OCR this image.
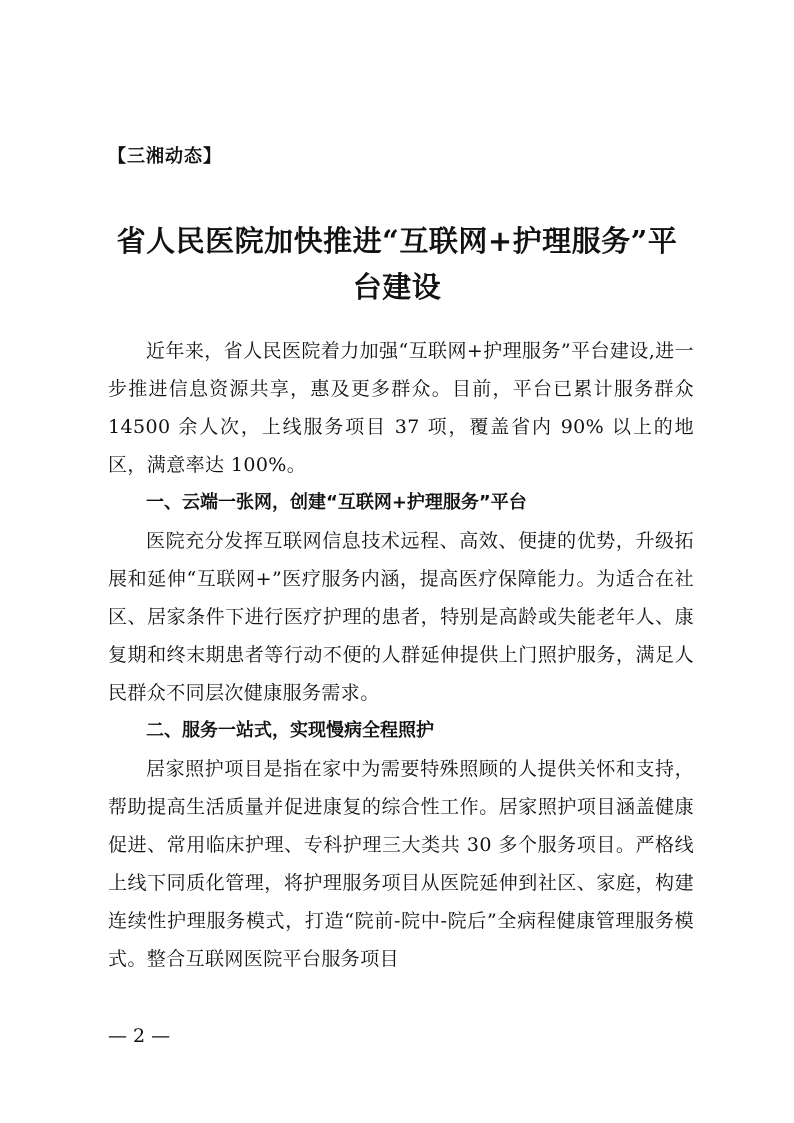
【三湘动态】
省人民医院加快推进“互联网+护理服务”平台建设

近年来，省人民医院着力加强“互联网+护理服务”平台建设,进一步推进信息资源共享，惠及更多群众。目前，平台已累计服务群众 14500 余人次，上线服务项目 37 项，覆盖省内 90% 以上的地区，满意率达 100%。

一、云端一张网，创建“互联网+护理服务”平台

医院充分发挥互联网信息技术远程、高效、便捷的优势，升级拓展和延伸“互联网+”医疗服务内涵，提高医疗保障能力。为适合在社区、居家条件下进行医疗护理的患者，特别是高龄或失能老年人、康复期和终末期患者等行动不便的人群延伸提供上门照护服务，满足人民群众不同层次健康服务需求。

二、服务一站式，实现慢病全程照护

居家照护项目是指在家中为需要特殊照顾的人提供关怀和支持，帮助提高生活质量并促进康复的综合性工作。居家照护项目涵盖健康促进、常用临床护理、专科护理三大类共 30 多个服务项目。严格线上线下同质化管理，将护理服务项目从医院延伸到社区、家庭，构建连续性护理服务模式，打造“院前-院中-院后”全病程健康管理服务模式。整合互联网医院平台服务项目

— 2 —
